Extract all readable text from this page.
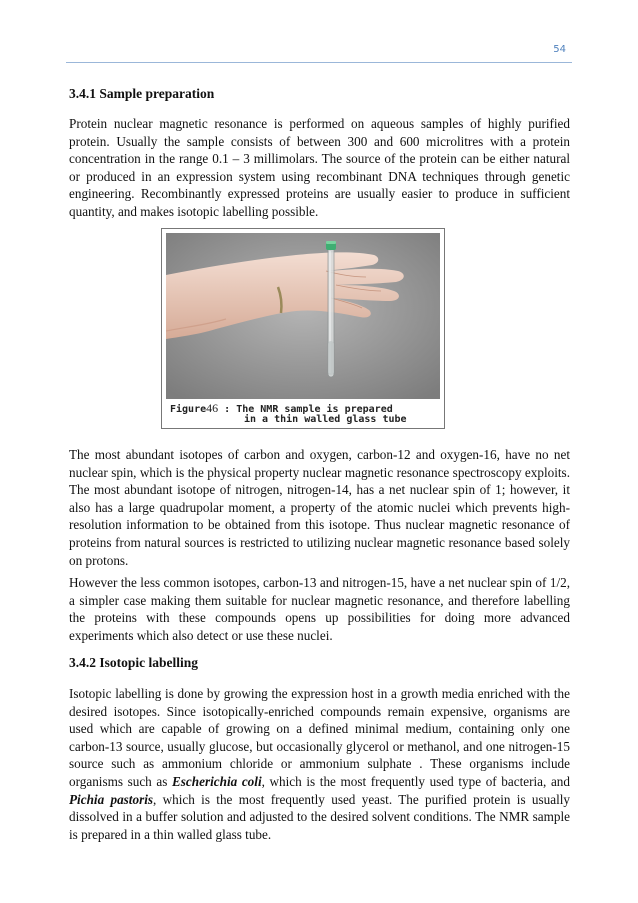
54
3.4.1 Sample preparation

Protein nuclear magnetic resonance is performed on aqueous samples of highly purified protein. Usually the sample consists of between 300 and 600 microlitres with a protein concentration in the range 0.1 – 3 millimolars. The source of the protein can be either natural or produced in an expression system using recombinant DNA techniques through genetic engineering. Recombinantly expressed proteins are usually easier to produce in sufficient quantity, and makes isotopic labelling possible.

Figure46 : The NMR sample is prepared
in a thin walled glass tube

The most abundant isotopes of carbon and oxygen, carbon-12 and oxygen-16, have no net nuclear spin, which is the physical property nuclear magnetic resonance spectroscopy exploits. The most abundant isotope of nitrogen, nitrogen-14, has a net nuclear spin of 1; however, it also has a large quadrupolar moment, a property of the atomic nuclei which prevents high-resolution information to be obtained from this isotope. Thus nuclear magnetic resonance of proteins from natural sources is restricted to utilizing nuclear magnetic resonance based solely on protons.

However the less common isotopes, carbon-13 and nitrogen-15, have a net nuclear spin of 1/2, a simpler case making them suitable for nuclear magnetic resonance, and therefore labelling the proteins with these compounds opens up possibilities for doing more advanced experiments which also detect or use these nuclei.

3.4.2 Isotopic labelling

Isotopic labelling is done by growing the expression host in a growth media enriched with the desired isotopes. Since isotopically-enriched compounds remain expensive, organisms are used which are capable of growing on a defined minimal medium, containing only one carbon-13 source, usually glucose, but occasionally glycerol or methanol, and one nitrogen-15 source such as ammonium chloride or ammonium sulphate . These organisms include organisms such as Escherichia coli, which is the most frequently used type of bacteria, and Pichia pastoris, which is the most frequently used yeast. The purified protein is usually dissolved in a buffer solution and adjusted to the desired solvent conditions. The NMR sample is prepared in a thin walled glass tube.
